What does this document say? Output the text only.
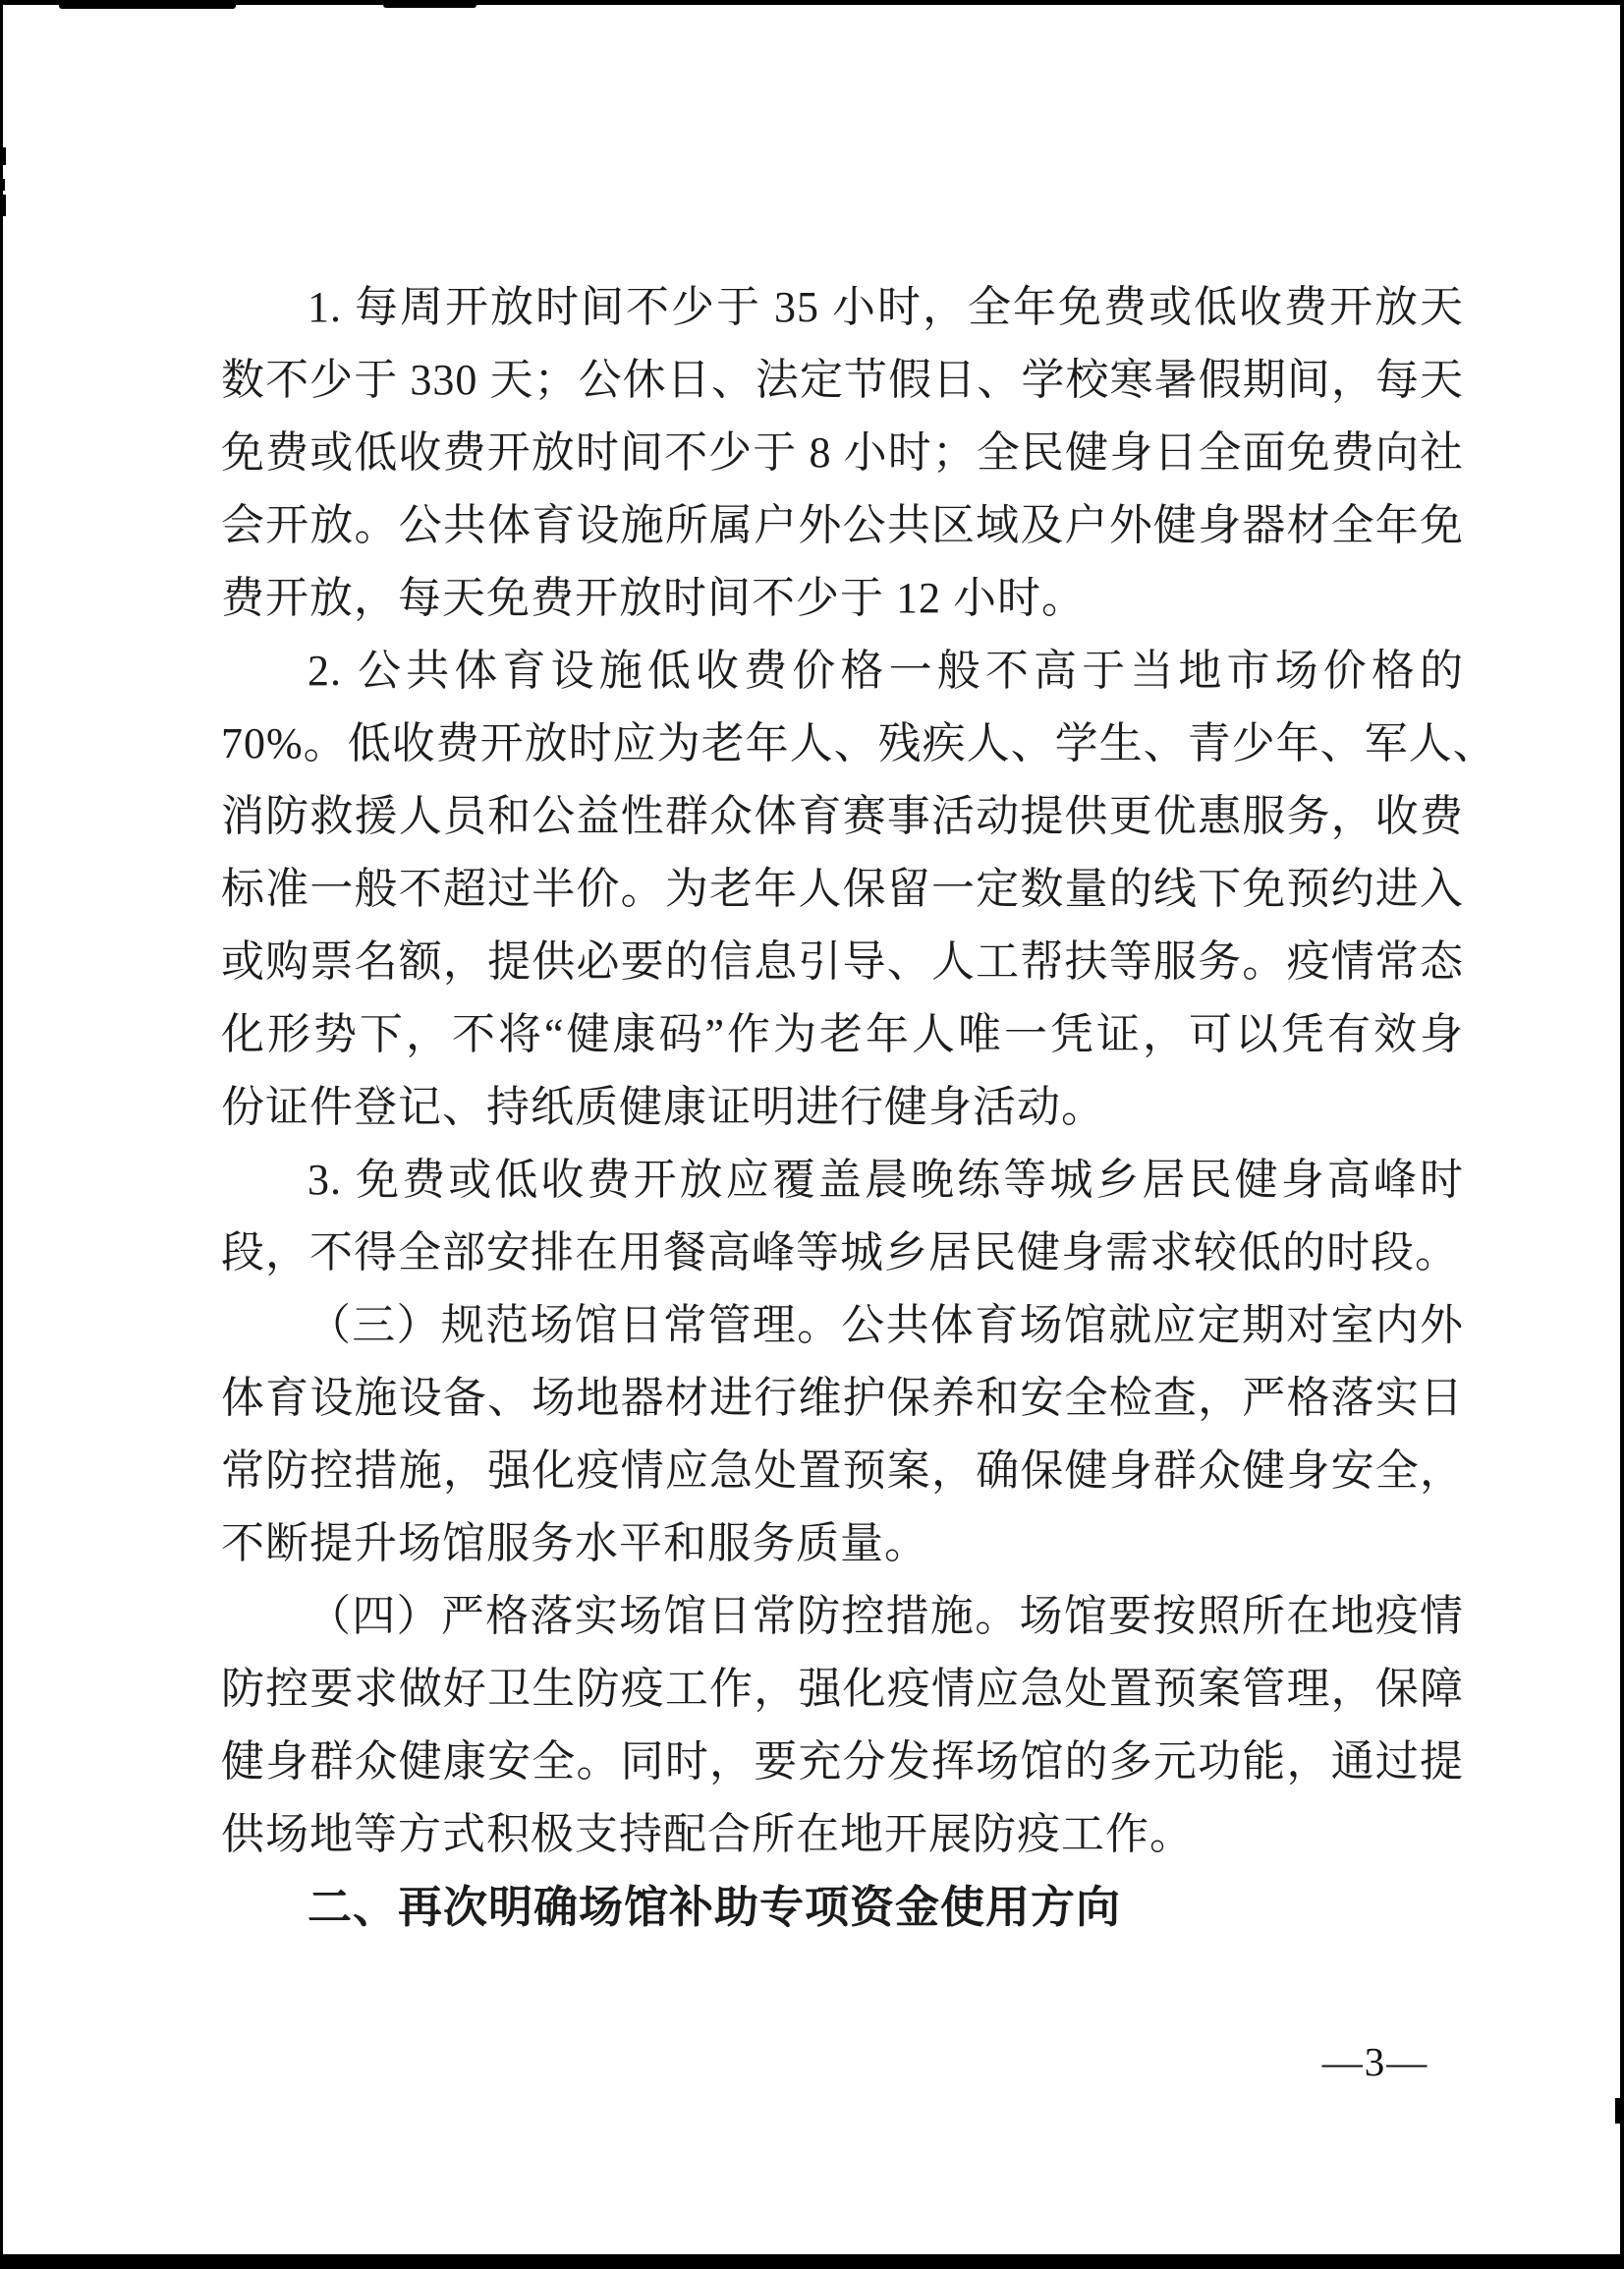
1. 每周开放时间不少于 35 小时，全年免费或低收费开放天
数不少于 330 天；公休日、法定节假日、学校寒暑假期间，每天
免费或低收费开放时间不少于 8 小时；全民健身日全面免费向社
会开放。公共体育设施所属户外公共区域及户外健身器材全年免
费开放，每天免费开放时间不少于 12 小时。
2. 公共体育设施低收费价格一般不高于当地市场价格的
70%。低收费开放时应为老年人、残疾人、学生、青少年、军人、
消防救援人员和公益性群众体育赛事活动提供更优惠服务，收费
标准一般不超过半价。为老年人保留一定数量的线下免预约进入
或购票名额，提供必要的信息引导、人工帮扶等服务。疫情常态
化形势下，不将“健康码”作为老年人唯一凭证，可以凭有效身
份证件登记、持纸质健康证明进行健身活动。
3. 免费或低收费开放应覆盖晨晚练等城乡居民健身高峰时
段，不得全部安排在用餐高峰等城乡居民健身需求较低的时段。
（三）规范场馆日常管理。公共体育场馆就应定期对室内外
体育设施设备、场地器材进行维护保养和安全检查，严格落实日
常防控措施，强化疫情应急处置预案，确保健身群众健身安全，
不断提升场馆服务水平和服务质量。
（四）严格落实场馆日常防控措施。场馆要按照所在地疫情
防控要求做好卫生防疫工作，强化疫情应急处置预案管理，保障
健身群众健康安全。同时，要充分发挥场馆的多元功能，通过提
供场地等方式积极支持配合所在地开展防疫工作。
二、再次明确场馆补助专项资金使用方向
—3—
